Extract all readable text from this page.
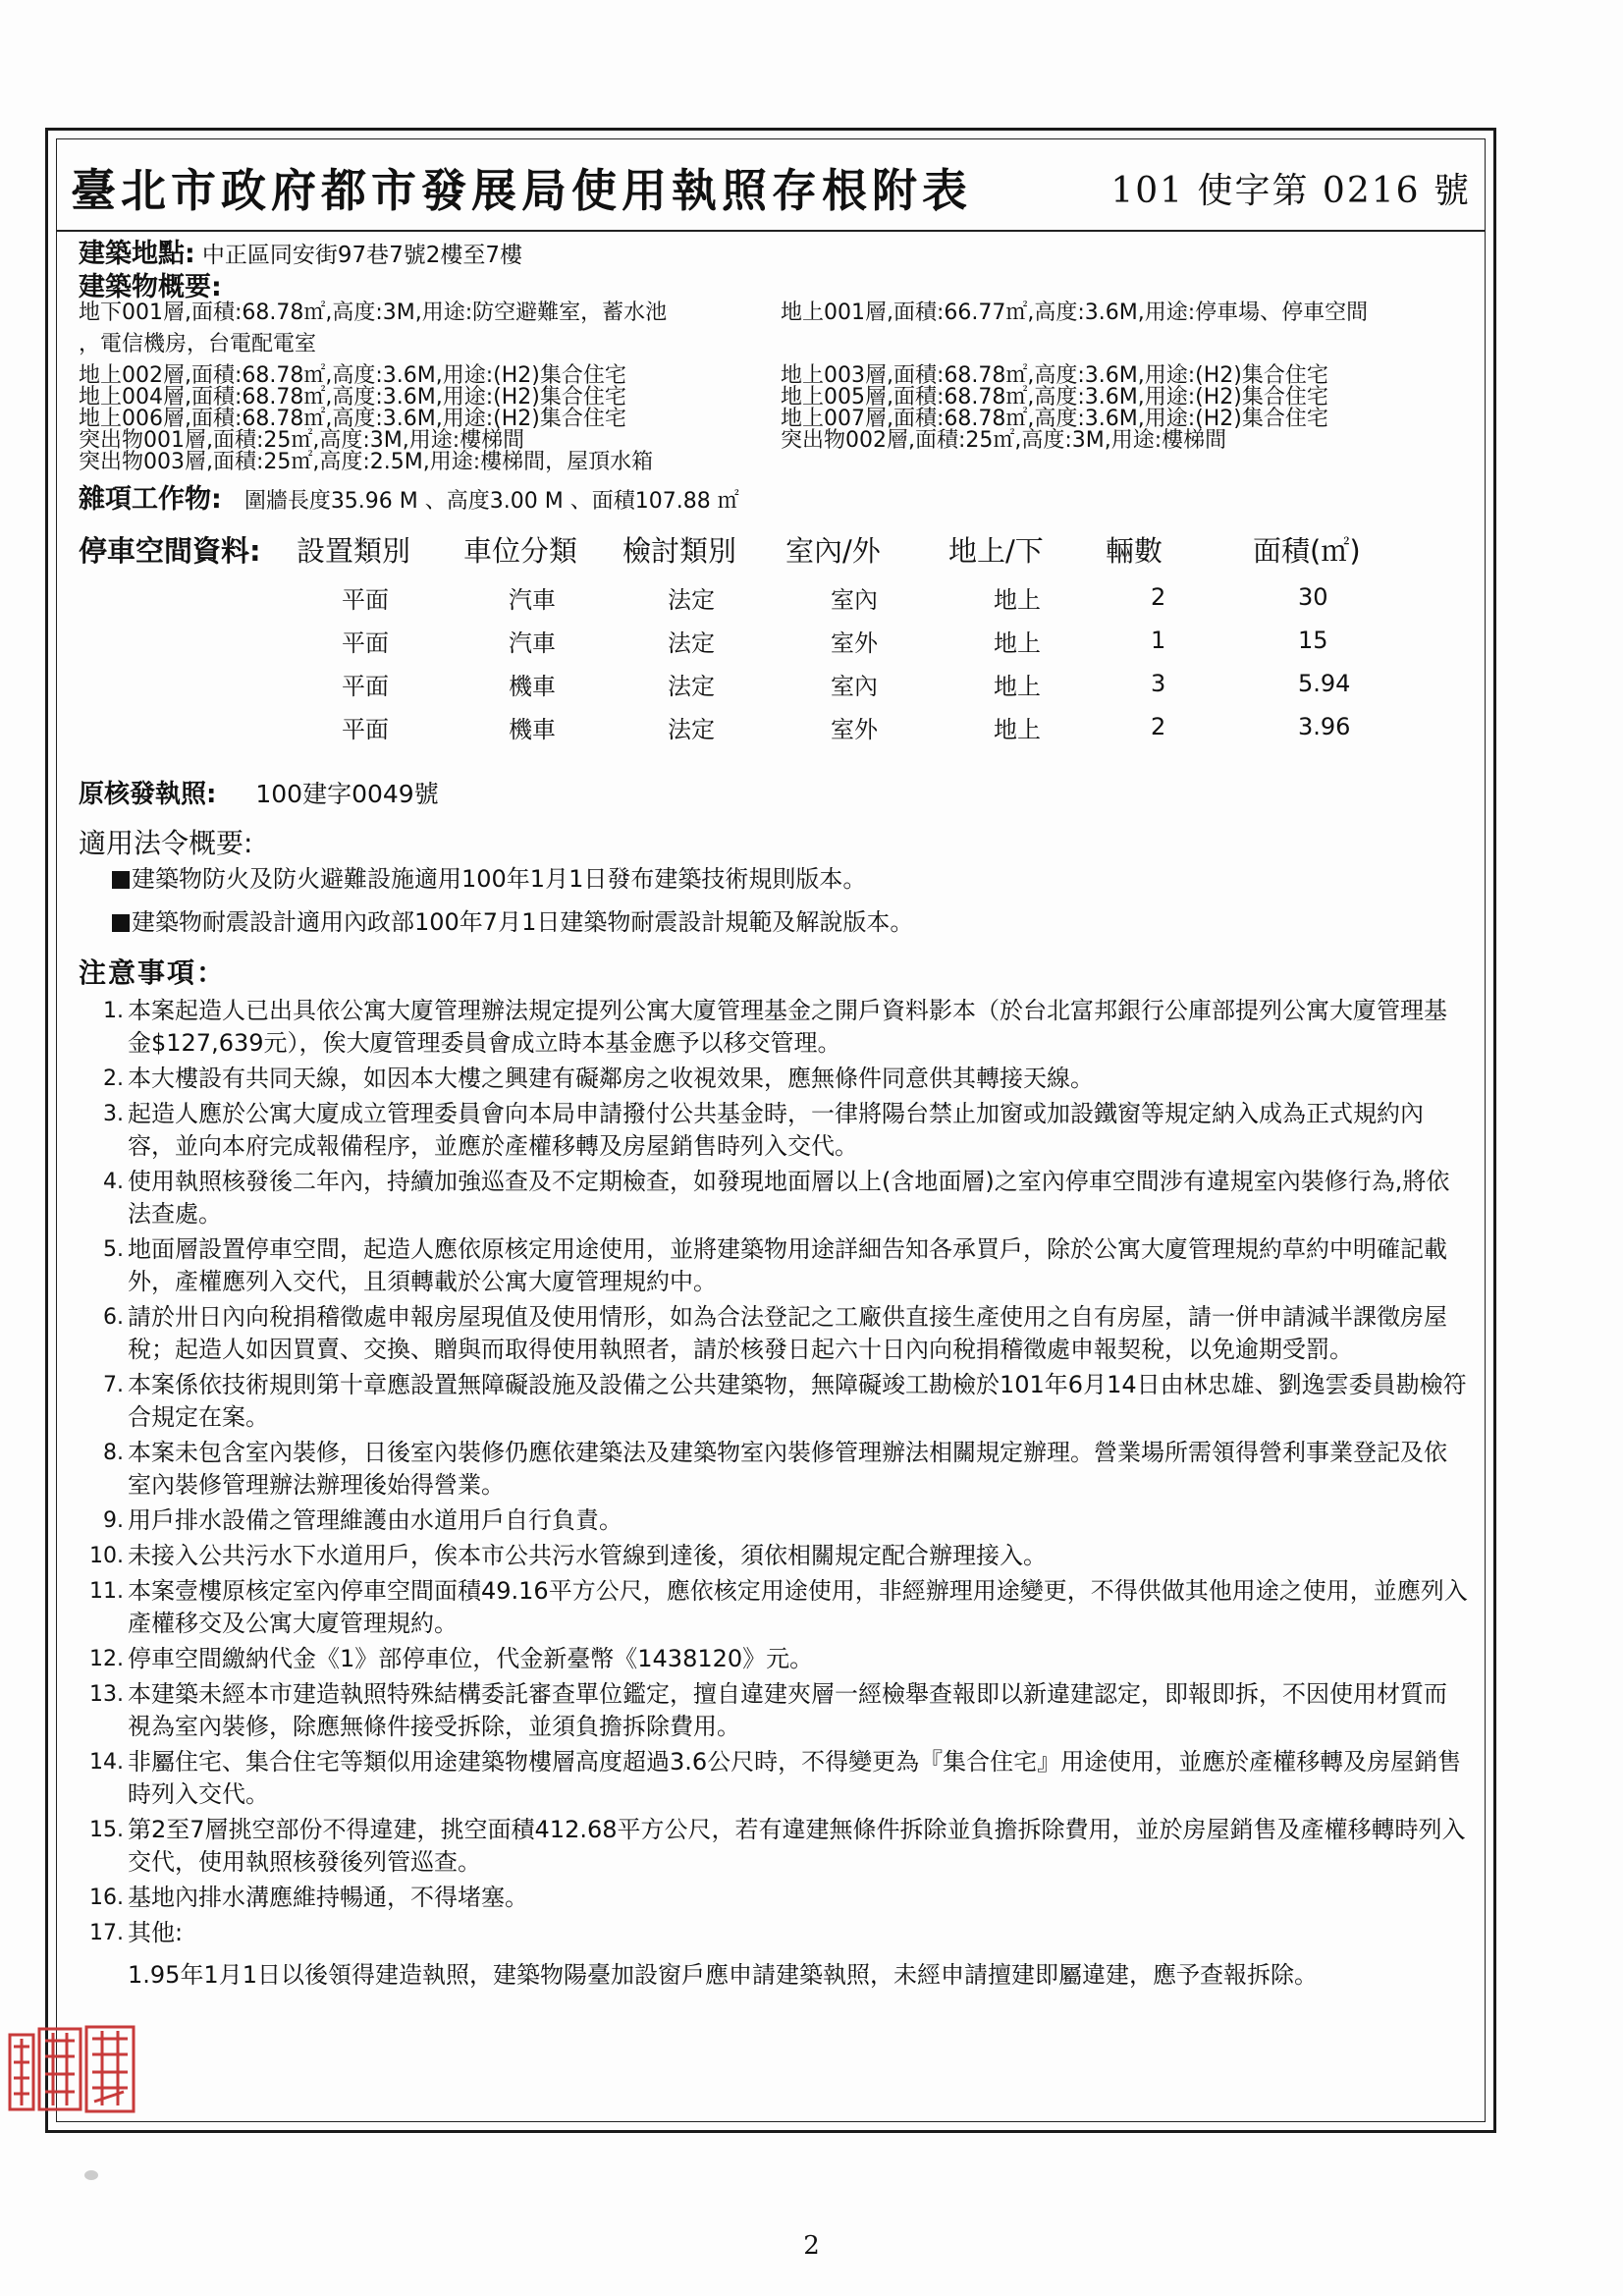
臺北市政府都市發展局使用執照存根附表	101 使字第 0216 號
建築地點: 中正區同安街97巷7號2樓至7樓
建築物概要:
地下001層,面積:68.78㎡,高度:3M,用途:防空避難室，蓄水池	地上001層,面積:66.77㎡,高度:3.6M,用途:停車場、停車空間
，電信機房，台電配電室
地上002層,面積:68.78㎡,高度:3.6M,用途:(H2)集合住宅	地上003層,面積:68.78㎡,高度:3.6M,用途:(H2)集合住宅
地上004層,面積:68.78㎡,高度:3.6M,用途:(H2)集合住宅	地上005層,面積:68.78㎡,高度:3.6M,用途:(H2)集合住宅
地上006層,面積:68.78㎡,高度:3.6M,用途:(H2)集合住宅	地上007層,面積:68.78㎡,高度:3.6M,用途:(H2)集合住宅
突出物001層,面積:25㎡,高度:3M,用途:樓梯間	突出物002層,面積:25㎡,高度:3M,用途:樓梯間
突出物003層,面積:25㎡,高度:2.5M,用途:樓梯間，屋頂水箱
雜項工作物: 圍牆長度35.96 M 、高度3.00 M 、面積107.88 ㎡
停車空間資料:	設置類別	車位分類	檢討類別	室內/外	地上/下	輛數	面積(㎡)
平面	汽車	法定	室內	地上	2	30
平面	汽車	法定	室外	地上	1	15
平面	機車	法定	室內	地上	3	5.94
平面	機車	法定	室外	地上	2	3.96
原核發執照: 100建字0049號
適用法令概要:
建築物防火及防火避難設施適用100年1月1日發布建築技術規則版本。
建築物耐震設計適用內政部100年7月1日建築物耐震設計規範及解說版本。
注意事項：
1. 本案起造人已出具依公寓大廈管理辦法規定提列公寓大廈管理基金之開戶資料影本（於台北富邦銀行公庫部提列公寓大廈管理基金$127,639元），俟大廈管理委員會成立時本基金應予以移交管理。
2. 本大樓設有共同天線，如因本大樓之興建有礙鄰房之收視效果，應無條件同意供其轉接天線。
3. 起造人應於公寓大廈成立管理委員會向本局申請撥付公共基金時，一律將陽台禁止加窗或加設鐵窗等規定納入成為正式規約內容，並向本府完成報備程序，並應於產權移轉及房屋銷售時列入交代。
4. 使用執照核發後二年內，持續加強巡查及不定期檢查，如發現地面層以上(含地面層)之室內停車空間涉有違規室內裝修行為,將依法查處。
5. 地面層設置停車空間，起造人應依原核定用途使用，並將建築物用途詳細告知各承買戶，除於公寓大廈管理規約草約中明確記載外，產權應列入交代，且須轉載於公寓大廈管理規約中。
6. 請於卅日內向稅捐稽徵處申報房屋現值及使用情形，如為合法登記之工廠供直接生產使用之自有房屋，請一併申請減半課徵房屋稅；起造人如因買賣、交換、贈與而取得使用執照者，請於核發日起六十日內向稅捐稽徵處申報契稅，以免逾期受罰。
7. 本案係依技術規則第十章應設置無障礙設施及設備之公共建築物，無障礙竣工勘檢於101年6月14日由林忠雄、劉逸雲委員勘檢符合規定在案。
8. 本案未包含室內裝修，日後室內裝修仍應依建築法及建築物室內裝修管理辦法相關規定辦理。營業場所需領得營利事業登記及依室內裝修管理辦法辦理後始得營業。
9. 用戶排水設備之管理維護由水道用戶自行負責。
10. 未接入公共污水下水道用戶，俟本市公共污水管線到達後，須依相關規定配合辦理接入。
11. 本案壹樓原核定室內停車空間面積49.16平方公尺，應依核定用途使用，非經辦理用途變更，不得供做其他用途之使用，並應列入產權移交及公寓大廈管理規約。
12. 停車空間繳納代金《1》部停車位，代金新臺幣《1438120》元。
13. 本建築未經本市建造執照特殊結構委託審查單位鑑定，擅自違建夾層一經檢舉查報即以新違建認定，即報即拆，不因使用材質而視為室內裝修，除應無條件接受拆除，並須負擔拆除費用。
14. 非屬住宅、集合住宅等類似用途建築物樓層高度超過3.6公尺時，不得變更為『集合住宅』用途使用，並應於產權移轉及房屋銷售時列入交代。
15. 第2至7層挑空部份不得違建，挑空面積412.68平方公尺，若有違建無條件拆除並負擔拆除費用，並於房屋銷售及產權移轉時列入交代，使用執照核發後列管巡查。
16. 基地內排水溝應維持暢通，不得堵塞。
17. 其他:
1.95年1月1日以後領得建造執照，建築物陽臺加設窗戶應申請建築執照，未經申請擅建即屬違建，應予查報拆除。
2
